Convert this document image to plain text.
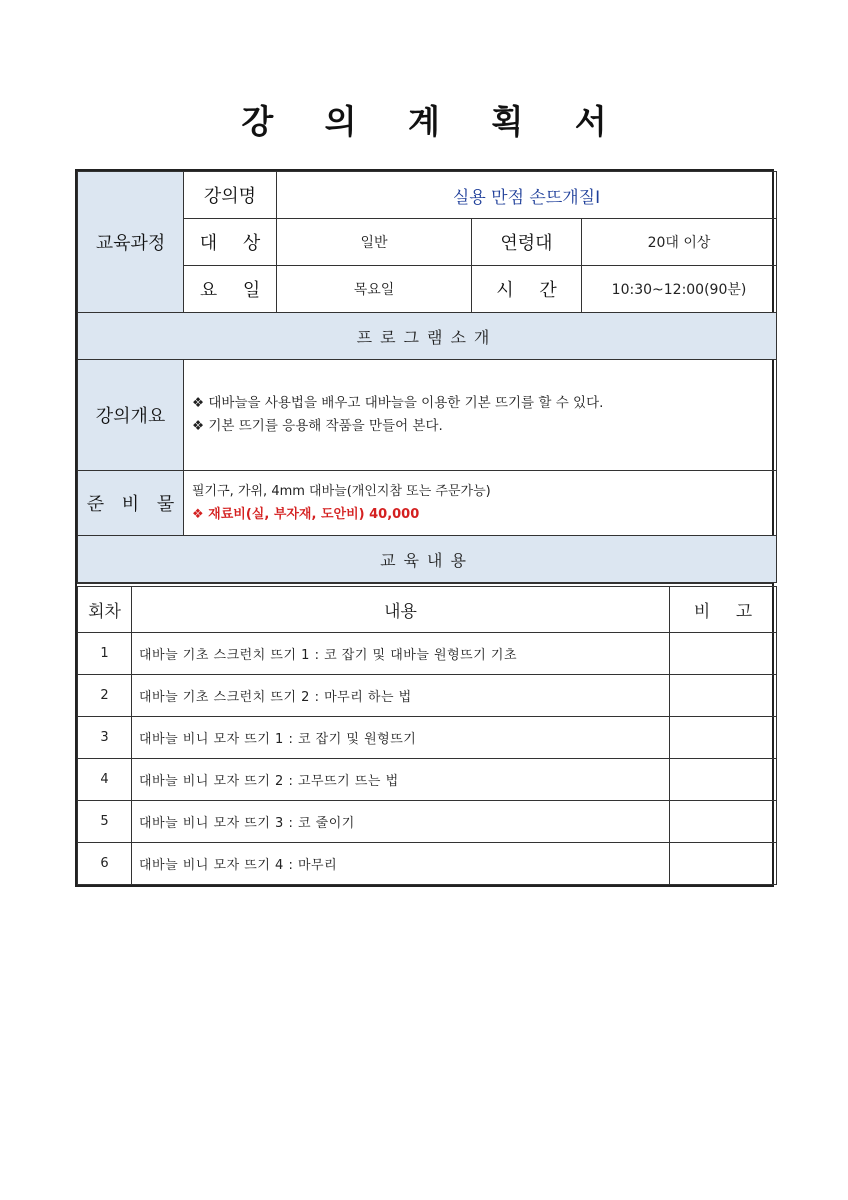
강 의 계 획 서
교육과정	강의명	실용 만점 손뜨개질Ⅰ		
	대 상	일반	연령대	20대 이상
	요 일	목요일	시 간	10:30~12:00(90분)
프로그램소개				
강의개요	❖ 대바늘을 사용법을 배우고 대바늘을 이용한 기본 뜨기를 할 수 있다.
❖ 기본 뜨기를 응용해 작품을 만들어 본다.			

준 비 물	필기구, 가위, 4mm 대바늘(개인지참 또는 주문가능)
❖ 재료비(실, 부자재, 도안비) 40,000			

교육내용				
회차	내용	비 고
1	대바늘 기초 스크런치 뜨기 1 : 코 잡기 및 대바늘 원형뜨기 기초	
2	대바늘 기초 스크런치 뜨기 2 : 마무리 하는 법	
3	대바늘 비니 모자 뜨기 1 : 코 잡기 및 원형뜨기	
4	대바늘 비니 모자 뜨기 2 : 고무뜨기 뜨는 법	
5	대바늘 비니 모자 뜨기 3 : 코 줄이기	
6	대바늘 비니 모자 뜨기 4 : 마무리	
